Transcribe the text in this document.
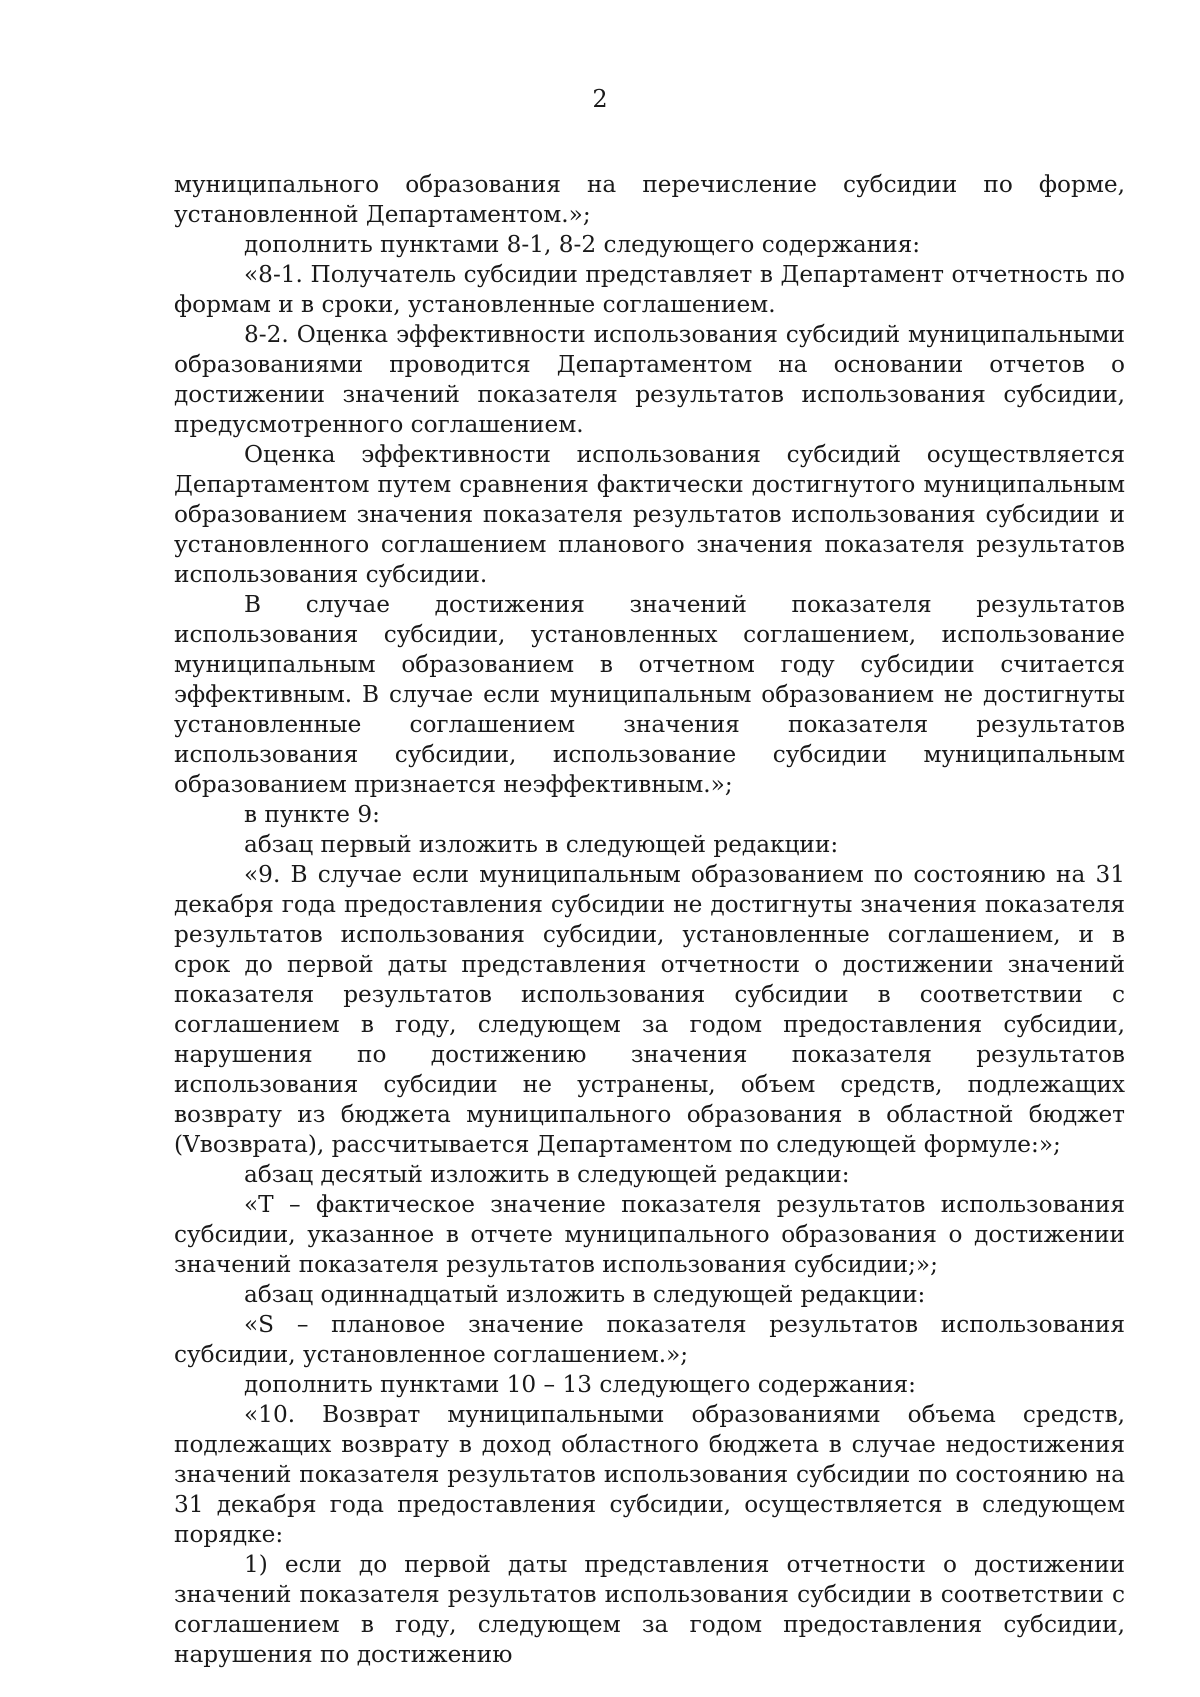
2

муниципального образования на перечисление субсидии по форме, установленной Департаментом.»;

дополнить пунктами 8-1, 8-2 следующего содержания:

«8-1. Получатель субсидии представляет в Департамент отчетность по формам и в сроки, установленные соглашением.

8-2. Оценка эффективности использования субсидий муниципальными образованиями проводится Департаментом на основании отчетов о достижении значений показателя результатов использования субсидии, предусмотренного соглашением.

Оценка эффективности использования субсидий осуществляется Департаментом путем сравнения фактически достигнутого муниципальным образованием значения показателя результатов использования субсидии и установленного соглашением планового значения показателя результатов использования субсидии.

В случае достижения значений показателя результатов использования субсидии, установленных соглашением, использование муниципальным образованием в отчетном году субсидии считается эффективным. В случае если муниципальным образованием не достигнуты установленные соглашением значения показателя результатов использования субсидии, использование субсидии муниципальным образованием признается неэффективным.»;

в пункте 9:

абзац первый изложить в следующей редакции:

«9. В случае если муниципальным образованием по состоянию на 31 декабря года предоставления субсидии не достигнуты значения показателя результатов использования субсидии, установленные соглашением, и в срок до первой даты представления отчетности о достижении значений показателя результатов использования субсидии в соответствии с соглашением в году, следующем за годом предоставления субсидии, нарушения по достижению значения показателя результатов использования субсидии не устранены, объем средств, подлежащих возврату из бюджета муниципального образования в областной бюджет (Vвозврата), рассчитывается Департаментом по следующей формуле:»;

абзац десятый изложить в следующей редакции:

«T – фактическое значение показателя результатов использования субсидии, указанное в отчете муниципального образования о достижении значений показателя результатов использования субсидии;»;

абзац одиннадцатый изложить в следующей редакции:

«S – плановое значение показателя результатов использования субсидии, установленное соглашением.»;

дополнить пунктами 10 – 13 следующего содержания:

«10. Возврат муниципальными образованиями объема средств, подлежащих возврату в доход областного бюджета в случае недостижения значений показателя результатов использования субсидии по состоянию на 31 декабря года предоставления субсидии, осуществляется в следующем порядке:

1) если до первой даты представления отчетности о достижении значений показателя результатов использования субсидии в соответствии с соглашением в году, следующем за годом предоставления субсидии, нарушения по достижению
